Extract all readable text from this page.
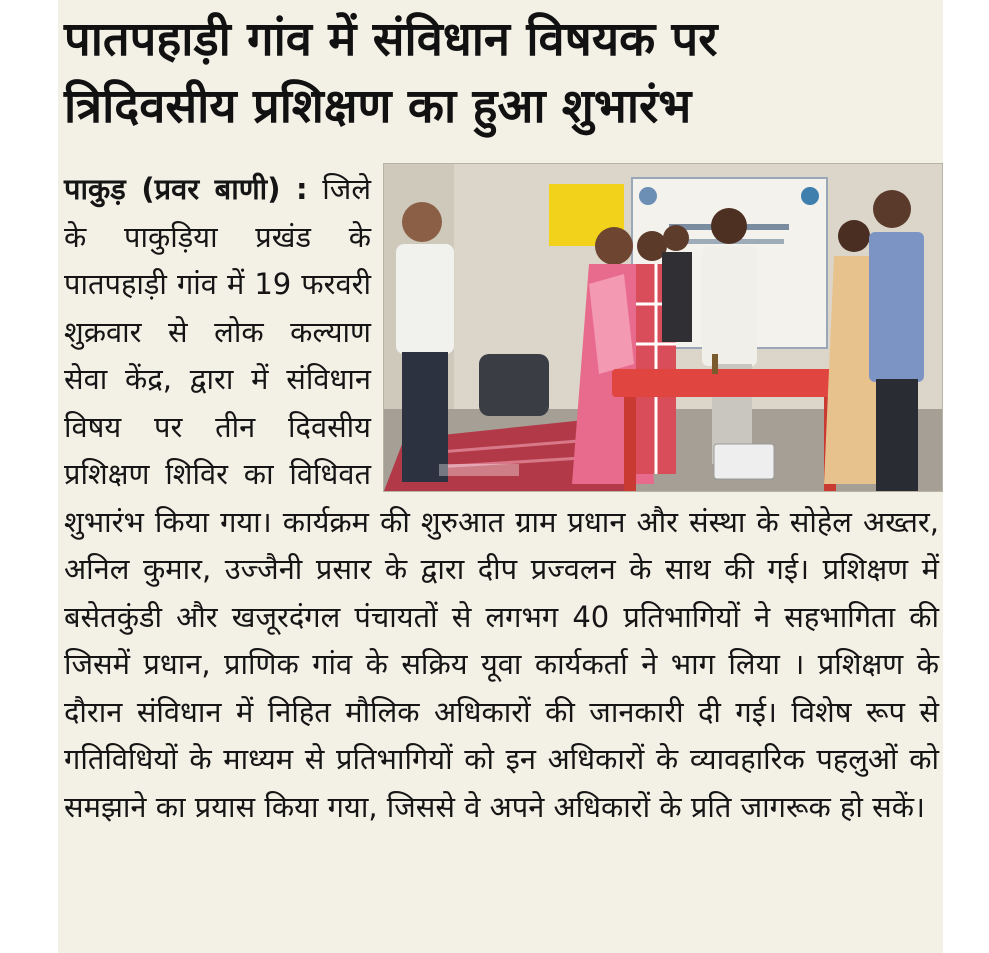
पातपहाड़ी गांव में संविधान विषयक पर
त्रिदिवसीय प्रशिक्षण का हुआ शुभारंभ

पाकुड़ (प्रवर बाणी) : जिले के पाकुड़िया प्रखंड के पातपहाड़ी गांव में 19 फरवरी शुक्रवार से लोक कल्याण सेवा केंद्र, द्वारा में संविधान विषय पर तीन दिवसीय प्रशिक्षण शिविर का विधिवत शुभारंभ किया गया। कार्यक्रम की शुरुआत ग्राम प्रधान और संस्था के सोहेल अख्तर, अनिल कुमार, उज्जैनी प्रसार के द्वारा दीप प्रज्वलन के साथ की गई। प्रशिक्षण में बसेतकुंडी और खजूरदंगल पंचायतों से लगभग 40 प्रतिभागियों ने सहभागिता की जिसमें प्रधान, प्राणिक गांव के सक्रिय यूवा कार्यकर्ता ने भाग लिया । प्रशिक्षण के दौरान संविधान में निहित मौलिक अधिकारों की जानकारी दी गई। विशेष रूप से गतिविधियों के माध्यम से प्रतिभागियों को इन अधिकारों के व्यावहारिक पहलुओं को समझाने का प्रयास किया गया, जिससे वे अपने अधिकारों के प्रति जागरूक हो सकें।
